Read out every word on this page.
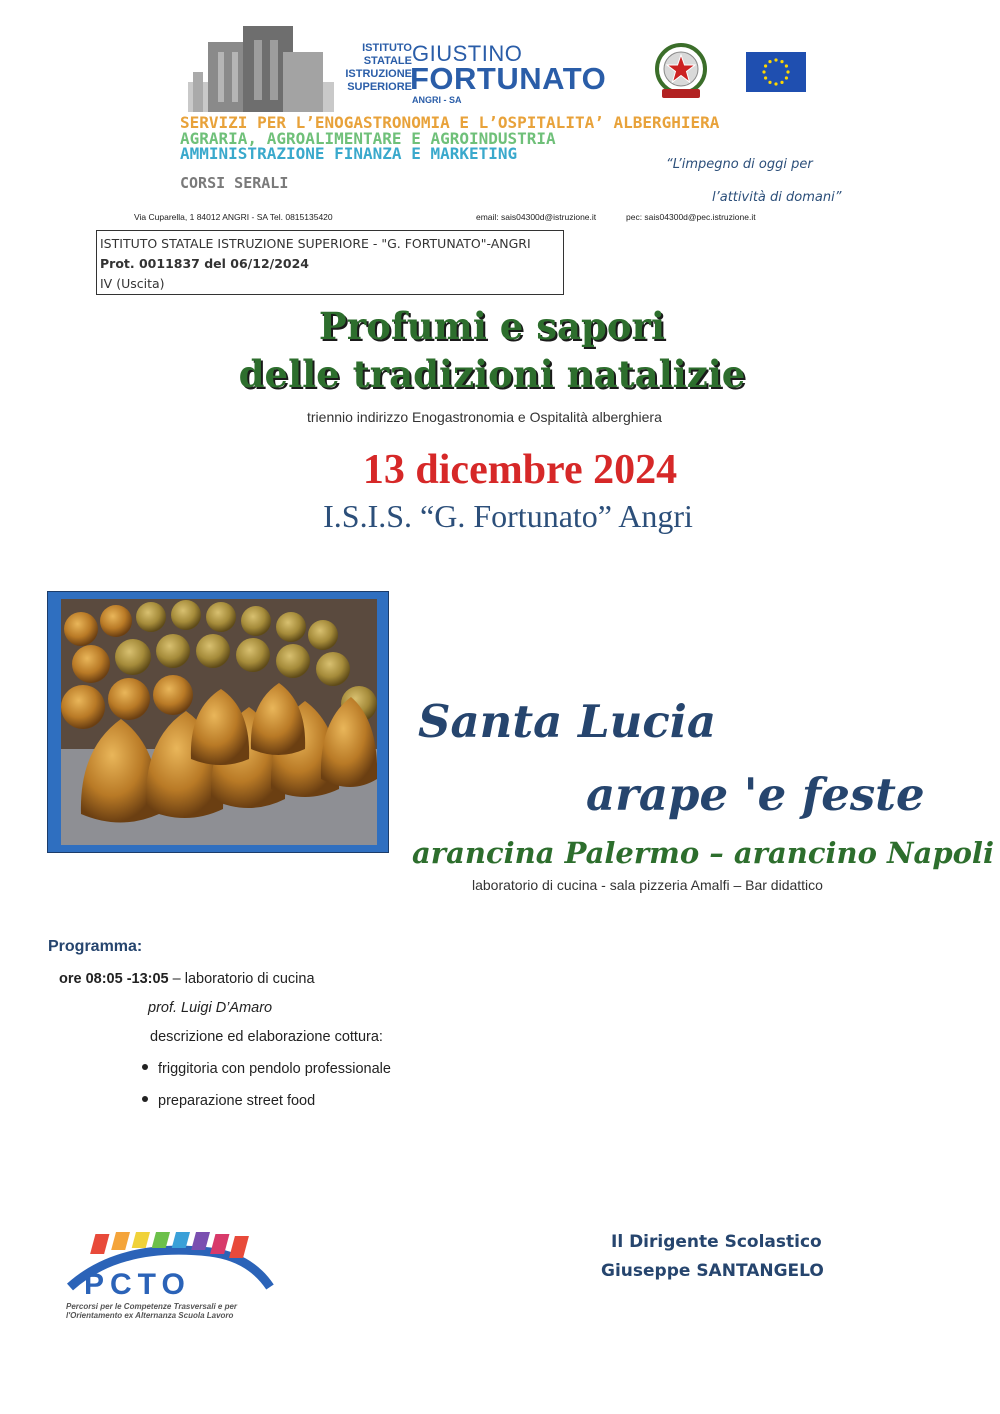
ISTITUTO
STATALE
ISTRUZIONE
SUPERIORE
GIUSTINO
FORTUNATO
ANGRI - SA
SERVIZI PER L’ENOGASTRONOMIA E L’OSPITALITA’ ALBERGHIERA
AGRARIA, AGROALIMENTARE E AGROINDUSTRIA
AMMINISTRAZIONE FINANZA E MARKETING
CORSI SERALI
“L’impegno di oggi per
l’attività di domani”
Via Cuparella, 1 84012 ANGRI - SA Tel. 0815135420	email: sais04300d@istruzione.it	pec: sais04300d@pec.istruzione.it
ISTITUTO STATALE ISTRUZIONE SUPERIORE - "G. FORTUNATO"-ANGRI
Prot. 0011837 del 06/12/2024
IV (Uscita)
Profumi e sapori
delle tradizioni natalizie
triennio indirizzo Enogastronomia e Ospitalità alberghiera
13 dicembre 2024
I.S.I.S. “G. Fortunato” Angri
Santa Lucia
arape 'e feste
arancina Palermo – arancino Napoli
laboratorio di cucina - sala pizzeria Amalfi – Bar didattico
Programma:
ore 08:05 -13:05 – laboratorio di cucina
prof. Luigi D’Amaro
descrizione ed elaborazione cottura:
friggitoria con pendolo professionale
preparazione street food
PCTO
Percorsi per le Competenze Trasversali e per l'Orientamento ex Alternanza Scuola Lavoro
Il Dirigente Scolastico
Giuseppe SANTANGELO
